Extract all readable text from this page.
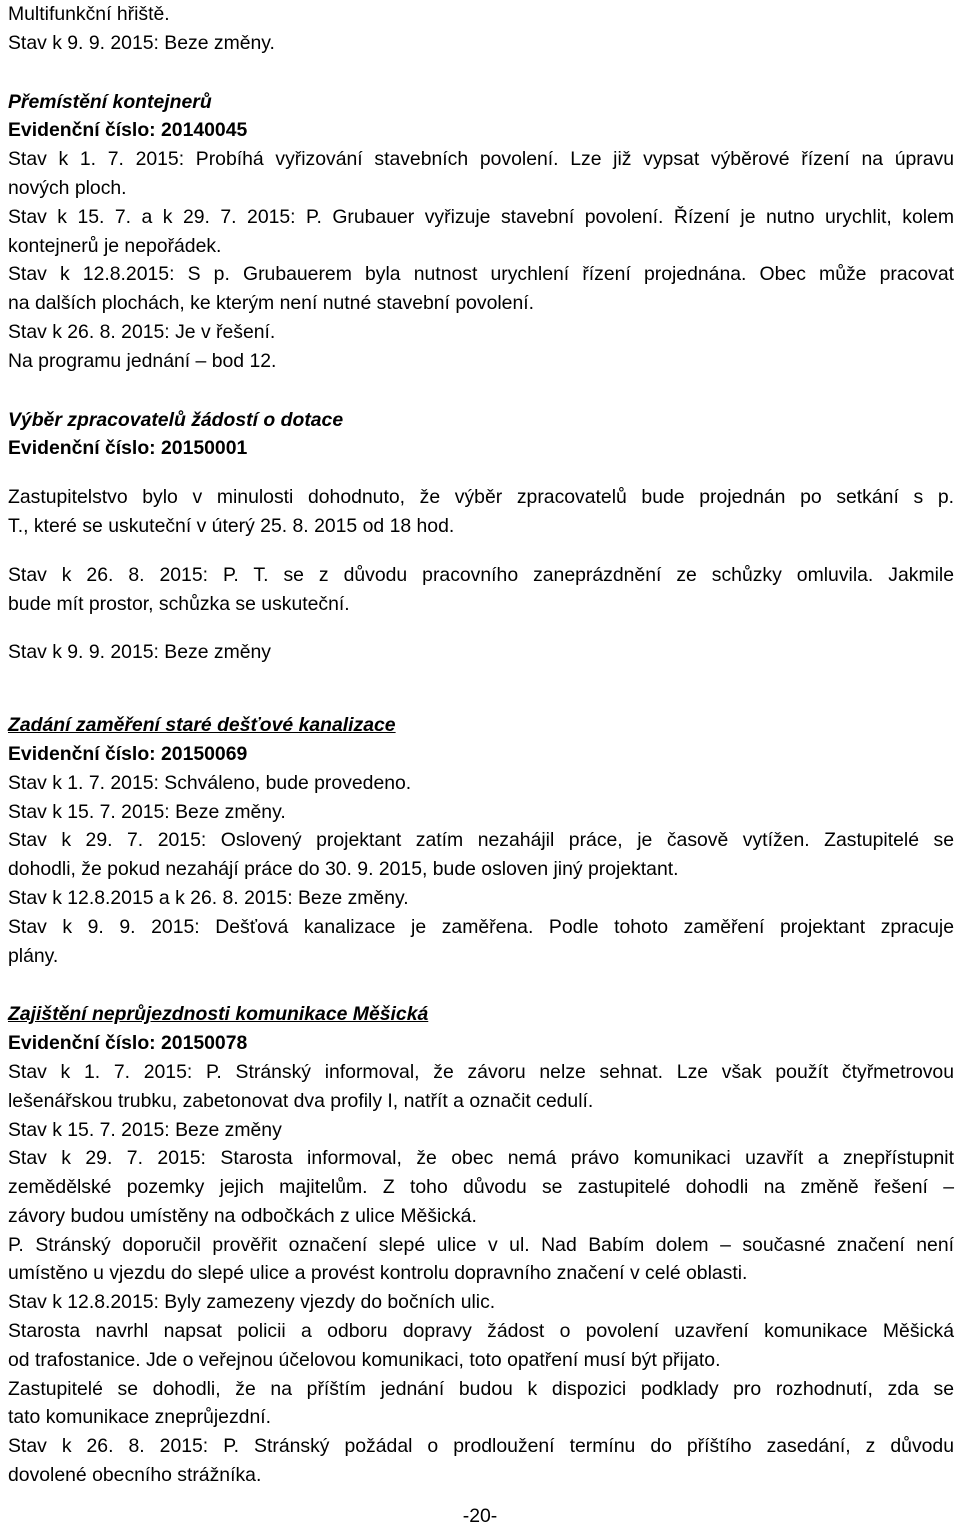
Multifunkční hřiště.
Stav k 9. 9. 2015: Beze změny.
Přemístění kontejnerů
Evidenční číslo: 20140045
Stav k 1. 7. 2015: Probíhá vyřizování stavebních povolení. Lze již vypsat výběrové řízení na úpravu
nových ploch.
Stav k 15. 7. a k 29. 7. 2015: P. Grubauer vyřizuje stavební povolení. Řízení je nutno urychlit, kolem
kontejnerů je nepořádek.
Stav k 12.8.2015: S p. Grubauerem byla nutnost urychlení řízení projednána. Obec může pracovat
na dalších plochách, ke kterým není nutné stavební povolení.
Stav k 26. 8. 2015: Je v řešení.
Na programu jednání – bod 12.
Výběr zpracovatelů žádostí o dotace
Evidenční číslo: 20150001
Zastupitelstvo bylo v minulosti dohodnuto, že výběr zpracovatelů bude projednán po setkání s p.
T., které se uskuteční v úterý 25. 8. 2015 od 18 hod.
Stav k 26. 8. 2015: P. T. se z důvodu pracovního zaneprázdnění ze schůzky omluvila. Jakmile
bude mít prostor, schůzka se uskuteční.
Stav k 9. 9. 2015: Beze změny
Zadání zaměření staré dešťové kanalizace
Evidenční číslo: 20150069
Stav k 1. 7. 2015: Schváleno, bude provedeno.
Stav k 15. 7. 2015: Beze změny.
Stav k 29. 7. 2015: Oslovený projektant zatím nezahájil práce, je časově vytížen. Zastupitelé se
dohodli, že pokud nezahájí práce do 30. 9. 2015, bude osloven jiný projektant.
Stav k 12.8.2015 a k 26. 8. 2015: Beze změny.
Stav k 9. 9. 2015: Dešťová kanalizace je zaměřena. Podle tohoto zaměření projektant zpracuje
plány.
Zajištění neprůjezdnosti komunikace Měšická
Evidenční číslo: 20150078
Stav k 1. 7. 2015: P. Stránský informoval, že závoru nelze sehnat. Lze však použít čtyřmetrovou
lešenářskou trubku, zabetonovat dva profily I, natřít a označit cedulí.
Stav k 15. 7. 2015: Beze změny
Stav k 29. 7. 2015: Starosta informoval, že obec nemá právo komunikaci uzavřít a znepřístupnit
zemědělské pozemky jejich majitelům. Z toho důvodu se zastupitelé dohodli na změně řešení –
závory budou umístěny na odbočkách z ulice Měšická.
P. Stránský doporučil prověřit označení slepé ulice v ul. Nad Babím dolem – současné značení není
umístěno u vjezdu do slepé ulice a provést kontrolu dopravního značení v celé oblasti.
Stav k 12.8.2015: Byly zamezeny vjezdy do bočních ulic.
Starosta navrhl napsat policii a odboru dopravy žádost o povolení uzavření komunikace Měšická
od trafostanice. Jde o veřejnou účelovou komunikaci, toto opatření musí být přijato.
Zastupitelé se dohodli, že na příštím jednání budou k dispozici podklady pro rozhodnutí, zda se
tato komunikace zneprůjezdní.
Stav k 26. 8. 2015: P. Stránský požádal o prodloužení termínu do příštího zasedání, z důvodu
dovolené obecního strážníka.
-20-
